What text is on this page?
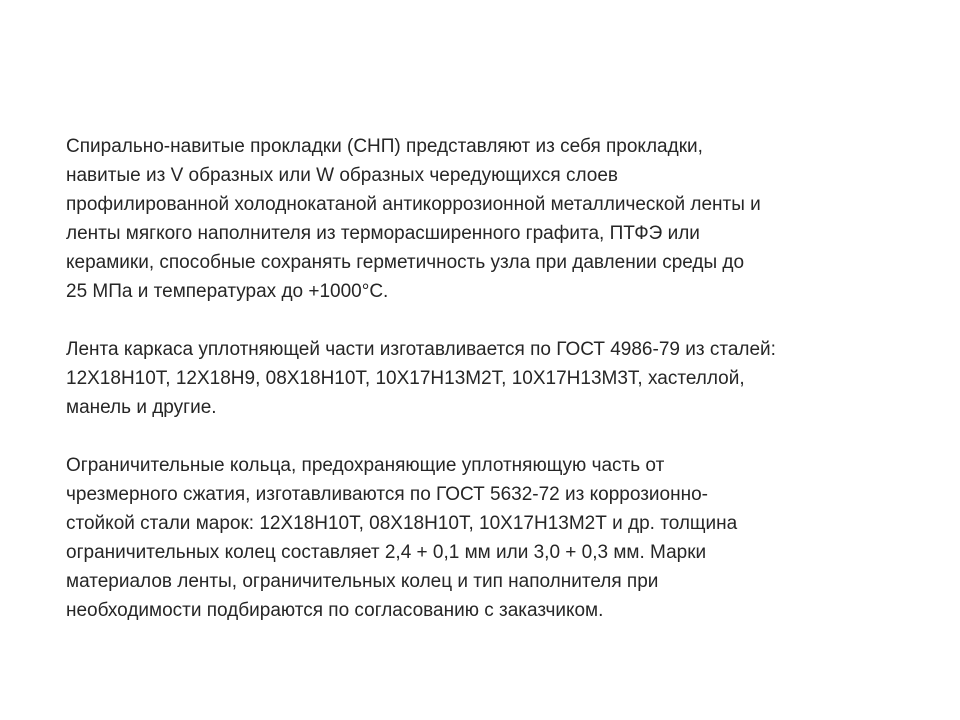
Спирально-навитые прокладки (СНП) представляют из себя прокладки,
навитые из V образных или W образных чередующихся слоев
профилированной холоднокатаной антикоррозионной металлической ленты и
ленты мягкого наполнителя из терморасширенного графита, ПТФЭ или
керамики, способные сохранять герметичность узла при давлении среды до
25 МПа и температурах до +1000°С.

Лента каркаса уплотняющей части изготавливается по ГОСТ 4986-79 из сталей:
12Х18Н10Т, 12Х18Н9, 08Х18Н10Т, 10Х17Н13М2Т, 10Х17Н13М3Т, хастеллой,
манель и другие.

Ограничительные кольца, предохраняющие уплотняющую часть от
чрезмерного сжатия, изготавливаются по ГОСТ 5632-72 из коррозионно-
стойкой стали марок: 12Х18Н10Т, 08Х18Н10Т, 10Х17Н13М2Т и др. толщина
ограничительных колец составляет 2,4 + 0,1 мм или 3,0 + 0,3 мм. Марки
материалов ленты, ограничительных колец и тип наполнителя при
необходимости подбираются по согласованию с заказчиком.
